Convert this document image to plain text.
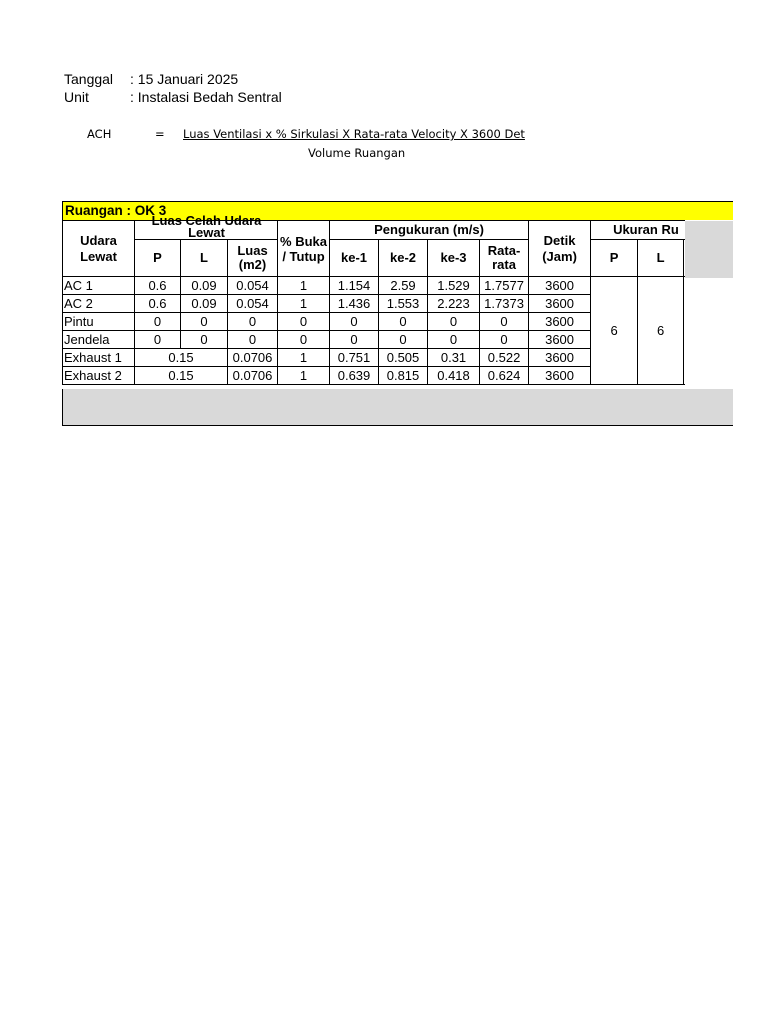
Tanggal : 15 Januari 2025
Unit	: Instalasi Bedah Sentral
ACH	= Luas Ventilasi x % Sirkulasi X Rata-rata Velocity X 3600 Det
Volume Ruangan
Ruangan : OK 3
Udara Lewat				% Buka / Tutup	Pengukuran (m/s)				Detik (Jam)	Ukuran Ru		
	P	L	Luas (m2)		ke-1	ke-2	ke-3	Rata-rata		P	L	
AC 1	0.6	0.09	0.054	1	1.154	2.59	1.529	1.7577	3600	6	6	
AC 2	0.6	0.09	0.054	1	1.436	1.553	2.223	1.7373	3600			
Pintu	0	0	0	0	0	0	0	0	3600			
Jendela	0	0	0	0	0	0	0	0	3600			
Exhaust 1	0.15		0.0706	1	0.751	0.505	0.31	0.522	3600			
Exhaust 2	0.15		0.0706	1	0.639	0.815	0.418	0.624	3600			
Luas Celah Udara Lewat
